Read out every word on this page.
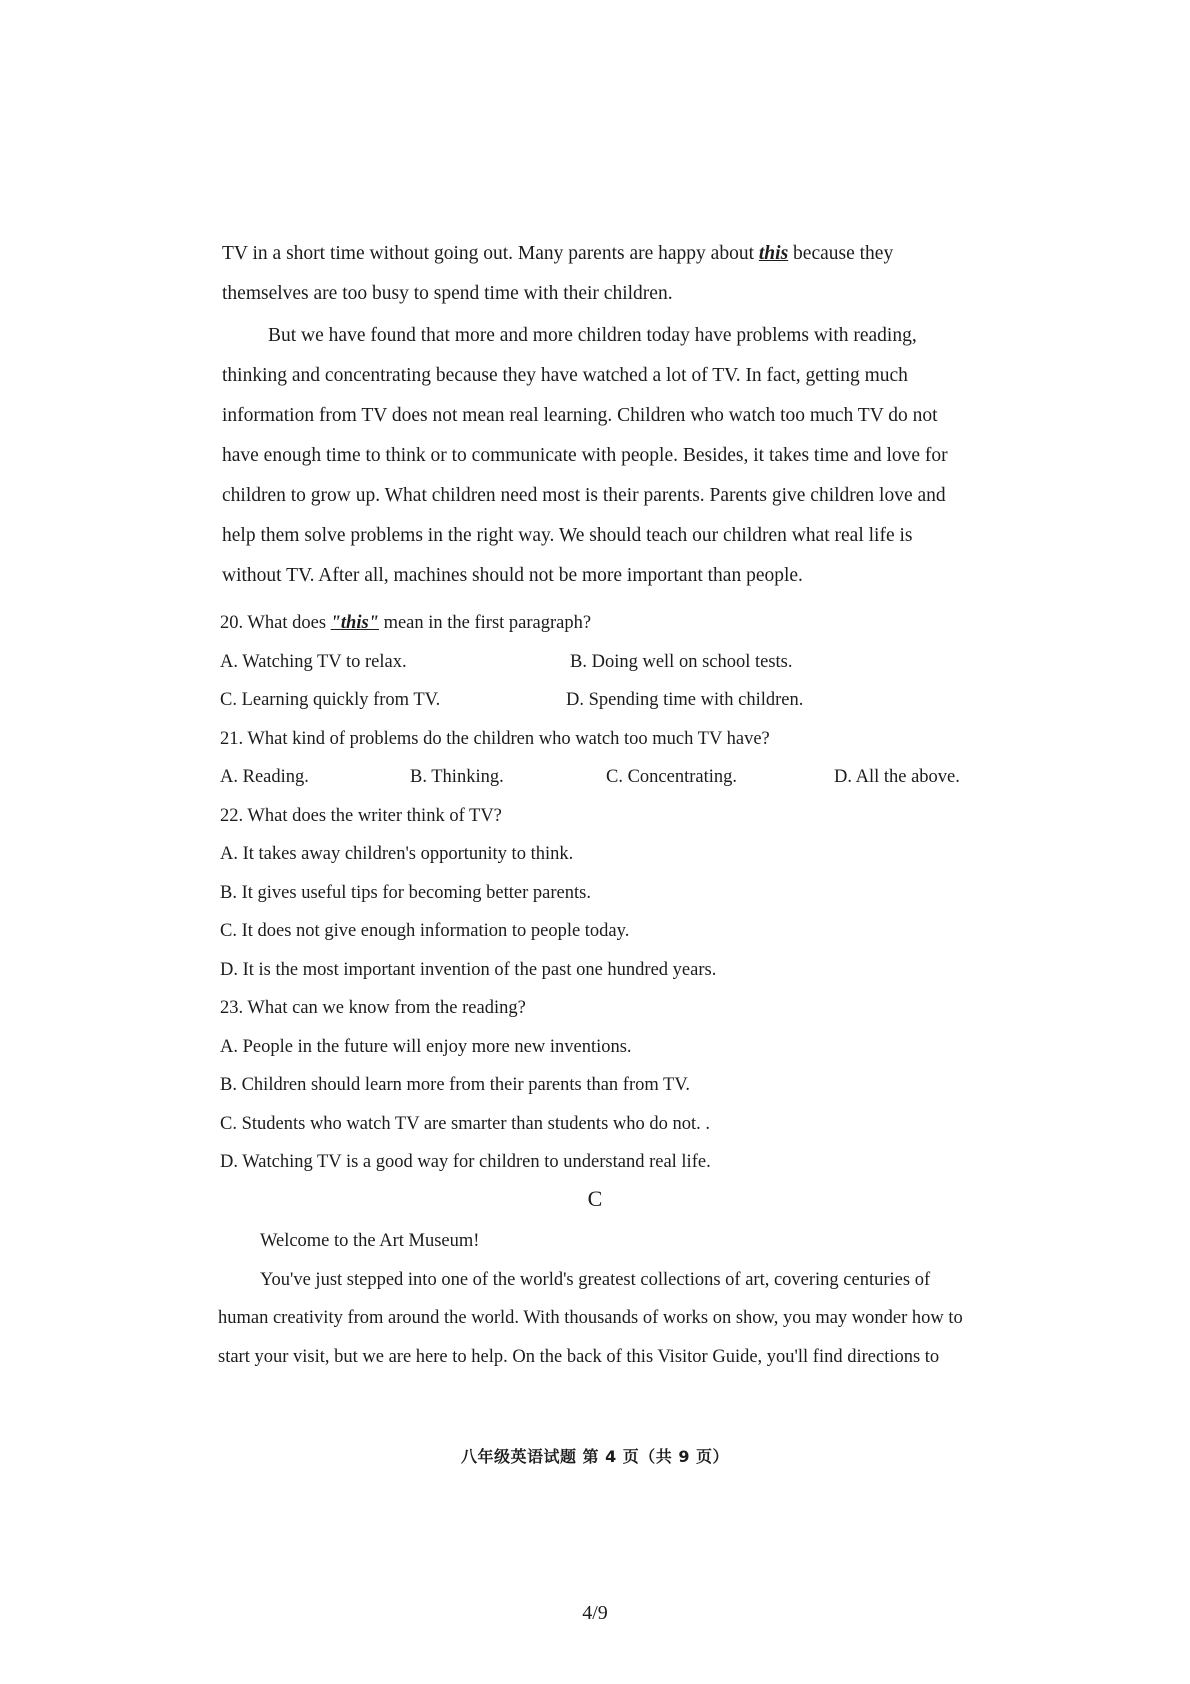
TV in a short time without going out. Many parents are happy about this because they
themselves are too busy to spend time with their children.
But we have found that more and more children today have problems with reading,
thinking and concentrating because they have watched a lot of TV. In fact, getting much
information from TV does not mean real learning. Children who watch too much TV do not
have enough time to think or to communicate with people. Besides, it takes time and love for
children to grow up. What children need most is their parents. Parents give children love and
help them solve problems in the right way. We should teach our children what real life is
without TV. After all, machines should not be more important than people.
20. What does "this" mean in the first paragraph?
A. Watching TV to relax.	B. Doing well on school tests.
C. Learning quickly from TV.	D. Spending time with children.
21. What kind of problems do the children who watch too much TV have?
A. Reading.	B. Thinking.	C. Concentrating.	D. All the above.
22. What does the writer think of TV?
A. It takes away children's opportunity to think.
B. It gives useful tips for becoming better parents.
C. It does not give enough information to people today.
D. It is the most important invention of the past one hundred years.
23. What can we know from the reading?
A. People in the future will enjoy more new inventions.
B. Children should learn more from their parents than from TV.
C. Students who watch TV are smarter than students who do not. .
D. Watching TV is a good way for children to understand real life.
C
Welcome to the Art Museum!
You've just stepped into one of the world's greatest collections of art, covering centuries of
human creativity from around the world. With thousands of works on show, you may wonder how to
start your visit, but we are here to help. On the back of this Visitor Guide, you'll find directions to
八年级英语试题 第 4 页（共 9 页）
4/9
